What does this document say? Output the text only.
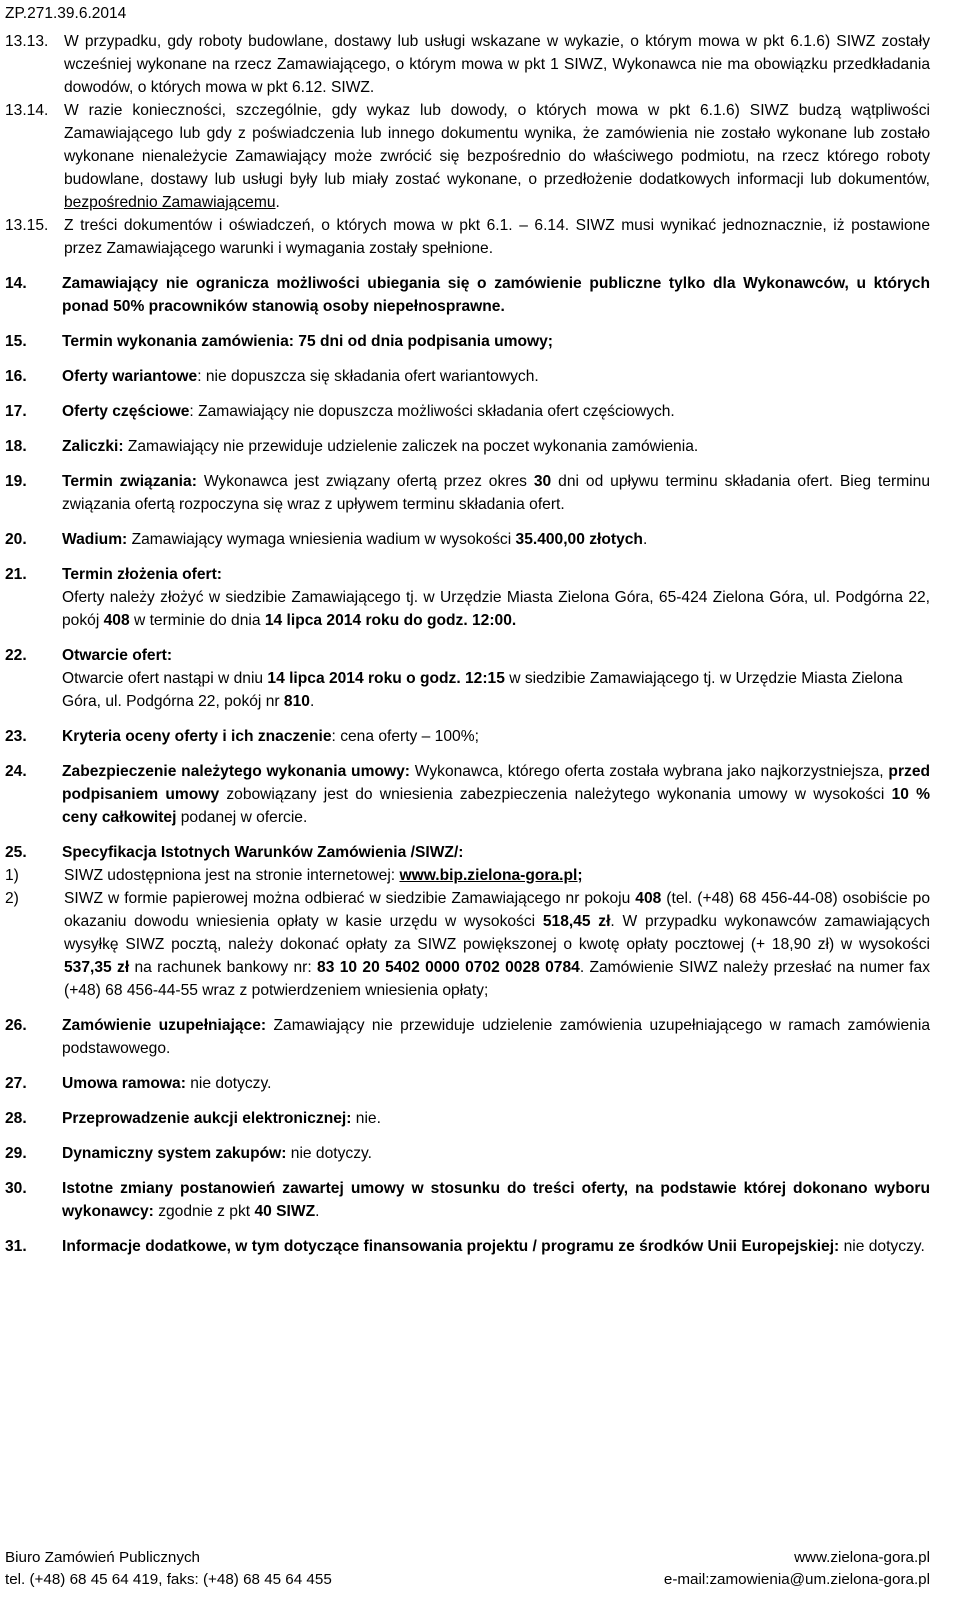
ZP.271.39.6.2014
13.13.	W przypadku, gdy roboty budowlane, dostawy lub usługi wskazane w wykazie, o którym mowa w pkt 6.1.6) SIWZ zostały wcześniej wykonane na rzecz Zamawiającego, o którym mowa w pkt 1 SIWZ, Wykonawca nie ma obowiązku przedkładania dowodów, o których mowa w pkt 6.12. SIWZ.
13.14.	W razie konieczności, szczególnie, gdy wykaz lub dowody, o których mowa w pkt 6.1.6) SIWZ budzą wątpliwości Zamawiającego lub gdy z poświadczenia lub innego dokumentu wynika, że zamówienia nie zostało wykonane lub zostało wykonane nienależycie Zamawiający może zwrócić się bezpośrednio do właściwego podmiotu, na rzecz którego roboty budowlane, dostawy lub usługi były lub miały zostać wykonane, o przedłożenie dodatkowych informacji lub dokumentów, bezpośrednio Zamawiającemu.
13.15.	Z treści dokumentów i oświadczeń, o których mowa w pkt 6.1. – 6.14. SIWZ musi wynikać jednoznacznie, iż postawione przez Zamawiającego warunki i wymagania zostały spełnione.
14.	Zamawiający nie ogranicza możliwości ubiegania się o zamówienie publiczne tylko dla Wykonawców, u których ponad 50% pracowników stanowią osoby niepełnosprawne.
15.	Termin wykonania zamówienia: 75 dni od dnia podpisania umowy;
16.	Oferty wariantowe: nie dopuszcza się składania ofert wariantowych.
17.	Oferty częściowe: Zamawiający nie dopuszcza możliwości składania ofert częściowych.
18.	Zaliczki: Zamawiający nie przewiduje udzielenie zaliczek na poczet wykonania zamówienia.
19.	Termin związania: Wykonawca jest związany ofertą przez okres 30 dni od upływu terminu składania ofert. Bieg terminu związania ofertą rozpoczyna się wraz z upływem terminu składania ofert.
20.	Wadium: Zamawiający wymaga wniesienia wadium w wysokości 35.400,00 złotych.
21.	Termin złożenia ofert:

Oferty należy złożyć w siedzibie Zamawiającego tj. w Urzędzie Miasta Zielona Góra, 65-424 Zielona Góra, ul. Podgórna 22, pokój 408 w terminie do dnia 14 lipca 2014 roku do godz. 12:00.

22.	Otwarcie ofert:

Otwarcie ofert nastąpi w dniu 14 lipca 2014 roku o godz. 12:15 w siedzibie Zamawiającego tj. w Urzędzie Miasta Zielona Góra, ul. Podgórna 22, pokój nr 810.

23.	Kryteria oceny oferty i ich znaczenie: cena oferty – 100%;
24.	Zabezpieczenie należytego wykonania umowy: Wykonawca, którego oferta została wybrana jako najkorzystniejsza, przed podpisaniem umowy zobowiązany jest do wniesienia zabezpieczenia należytego wykonania umowy w wysokości 10 % ceny całkowitej podanej w ofercie.
25.	Specyfikacja Istotnych Warunków Zamówienia /SIWZ/:
1)	SIWZ udostępniona jest na stronie internetowej: www.bip.zielona-gora.pl;
2)	SIWZ w formie papierowej można odbierać w siedzibie Zamawiającego nr pokoju 408 (tel. (+48) 68 456-44-08) osobiście po okazaniu dowodu wniesienia opłaty w kasie urzędu w wysokości 518,45 zł. W przypadku wykonawców zamawiających wysyłkę SIWZ pocztą, należy dokonać opłaty za SIWZ powiększonej o kwotę opłaty pocztowej (+ 18,90 zł) w wysokości 537,35 zł na rachunek bankowy nr: 83 10 20 5402 0000 0702 0028 0784. Zamówienie SIWZ należy przesłać na numer fax (+48) 68 456-44-55 wraz z potwierdzeniem wniesienia opłaty;
26.	Zamówienie uzupełniające: Zamawiający nie przewiduje udzielenie zamówienia uzupełniającego w ramach zamówienia podstawowego.
27.	Umowa ramowa: nie dotyczy.
28.	Przeprowadzenie aukcji elektronicznej: nie.
29.	Dynamiczny system zakupów: nie dotyczy.
30.	Istotne zmiany postanowień zawartej umowy w stosunku do treści oferty, na podstawie której dokonano wyboru wykonawcy: zgodnie z pkt 40 SIWZ.
31.	Informacje dodatkowe, w tym dotyczące finansowania projektu / programu ze środków Unii Europejskiej: nie dotyczy.
Biuro Zamówień Publicznych	www.zielona-gora.pl
tel. (+48) 68 45 64 419, faks: (+48) 68 45 64 455	e-mail:zamowienia@um.zielona-gora.pl
